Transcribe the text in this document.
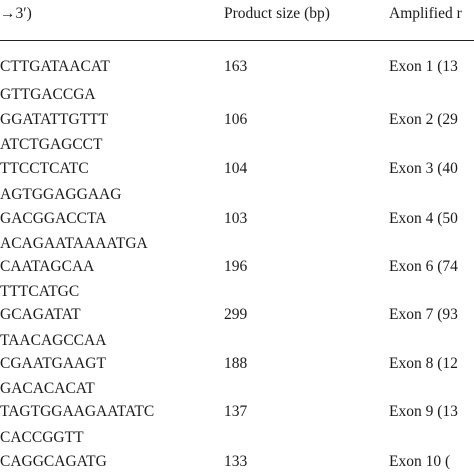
→3′)	Product size (bp)	Amplified r
CTTGATAACAT	163	Exon 1 (13
GTTGACCGA
GGATATTGTTT	106	Exon 2 (29
ATCTGAGCCT
TTCCTCATC	104	Exon 3 (40
AGTGGAGGAAG
GACGGACCTA	103	Exon 4 (50
ACAGAATAAAATGA
CAATAGCAA	196	Exon 6 (74
TTTCATGC
GCAGATAT	299	Exon 7 (93
TAACAGCCAA
CGAATGAAGT	188	Exon 8 (12
GACACACAT
TAGTGGAAGAATATC	137	Exon 9 (13
CACCGGTT
CAGGCAGATG	133	Exon 10 (
